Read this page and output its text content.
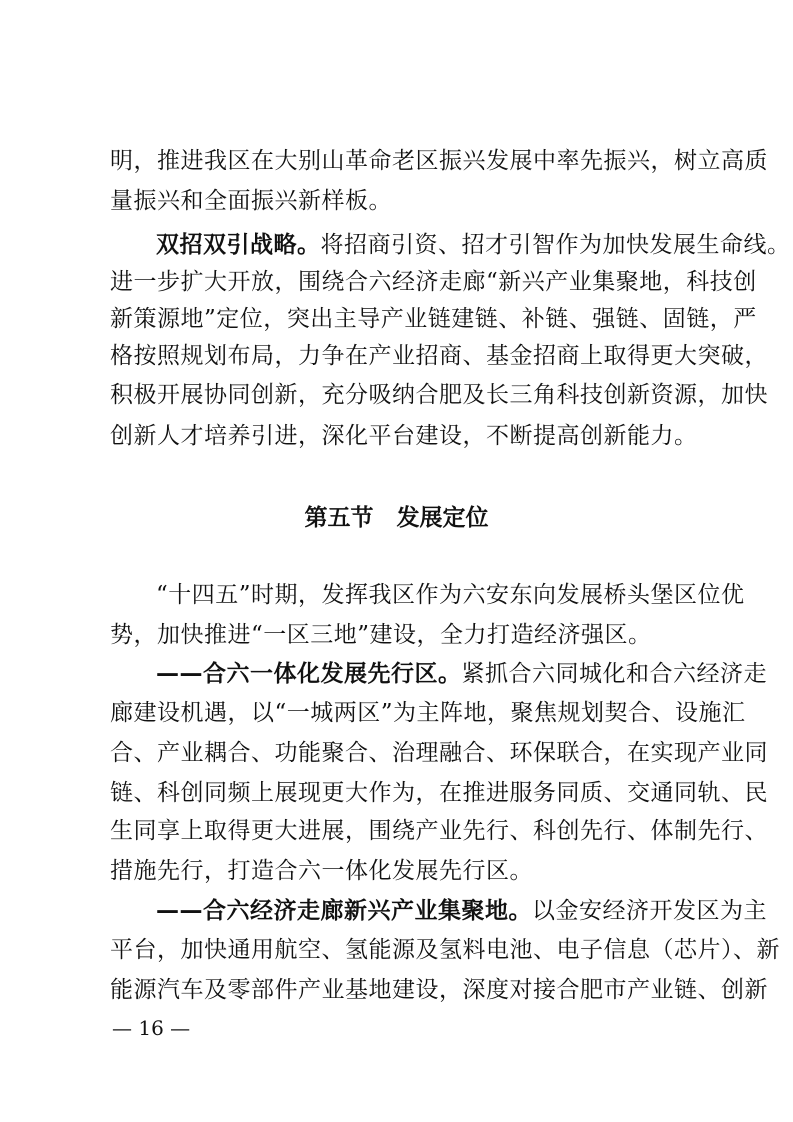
明，推进我区在大别山革命老区振兴发展中率先振兴，树立高质
量振兴和全面振兴新样板。
双招双引战略。将招商引资、招才引智作为加快发展生命线。
进一步扩大开放，围绕合六经济走廊“新兴产业集聚地，科技创
新策源地”定位，突出主导产业链建链、补链、强链、固链，严
格按照规划布局，力争在产业招商、基金招商上取得更大突破，
积极开展协同创新，充分吸纳合肥及长三角科技创新资源，加快
创新人才培养引进，深化平台建设，不断提高创新能力。
第五节　发展定位
“十四五”时期，发挥我区作为六安东向发展桥头堡区位优
势，加快推进“一区三地”建设，全力打造经济强区。
——合六一体化发展先行区。紧抓合六同城化和合六经济走
廊建设机遇，以“一城两区”为主阵地，聚焦规划契合、设施汇
合、产业耦合、功能聚合、治理融合、环保联合，在实现产业同
链、科创同频上展现更大作为，在推进服务同质、交通同轨、民
生同享上取得更大进展，围绕产业先行、科创先行、体制先行、
措施先行，打造合六一体化发展先行区。
——合六经济走廊新兴产业集聚地。以金安经济开发区为主
平台，加快通用航空、氢能源及氢料电池、电子信息（芯片）、新
能源汽车及零部件产业基地建设，深度对接合肥市产业链、创新
— 16 —
